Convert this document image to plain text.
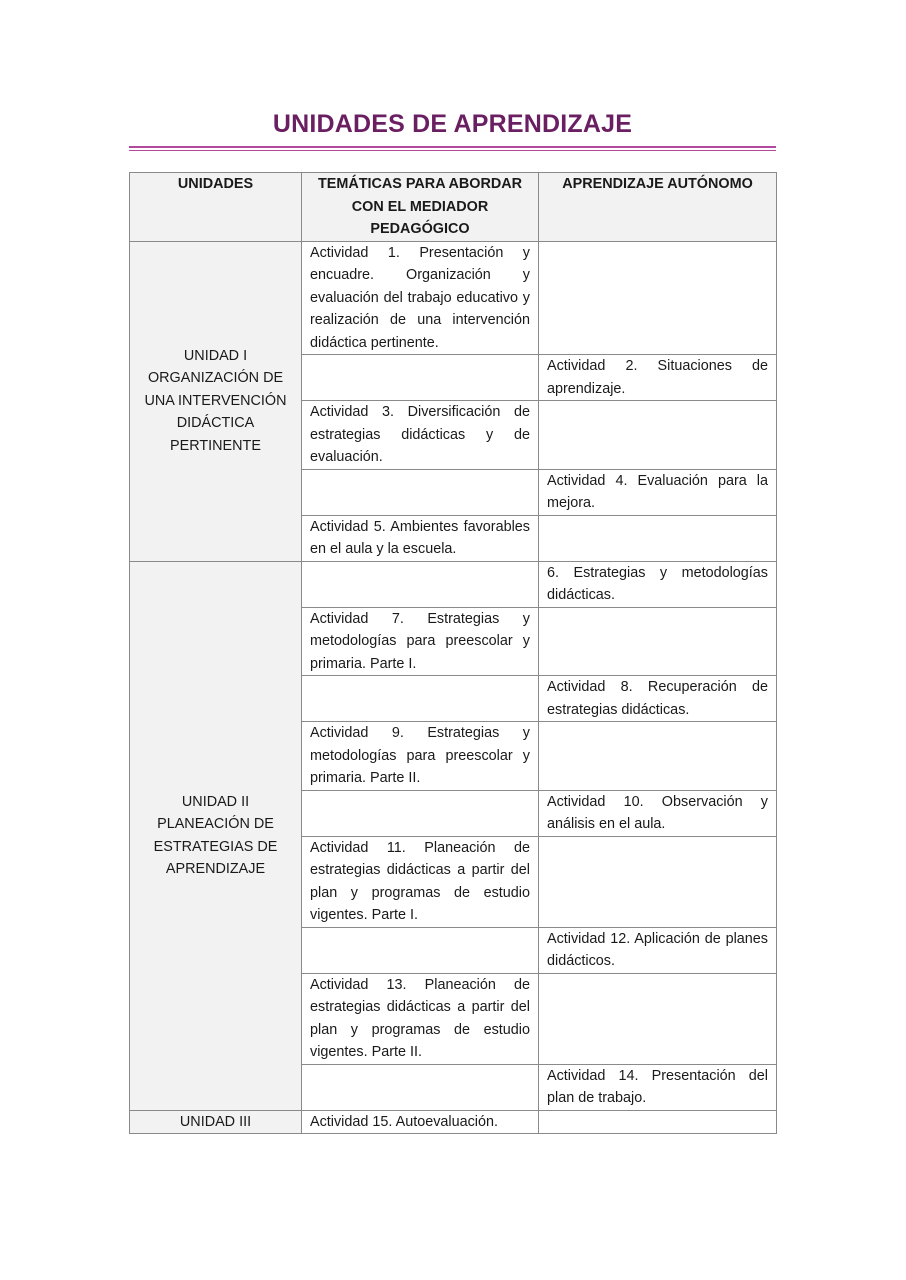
UNIDADES DE APRENDIZAJE
UNIDADES	TEMÁTICAS PARA ABORDAR CON EL MEDIADOR PEDAGÓGICO	APRENDIZAJE AUTÓNOMO

UNIDAD I
ORGANIZACIÓN DE UNA INTERVENCIÓN DIDÁCTICA PERTINENTE	Actividad 1. Presentación y encuadre. Organización y evaluación del trabajo educativo y realización de una intervención didáctica pertinente.	
		Actividad 2. Situaciones de aprendizaje.
	Actividad 3. Diversificación de estrategias didácticas y de evaluación.	
		Actividad 4. Evaluación para la mejora.
	Actividad 5. Ambientes favorables en el aula y la escuela.	

UNIDAD II
PLANEACIÓN DE ESTRATEGIAS DE APRENDIZAJE		6. Estrategias y metodologías didácticas.
	Actividad 7. Estrategias y metodologías para preescolar y primaria. Parte I.	
		Actividad 8. Recuperación de estrategias didácticas.
	Actividad 9. Estrategias y metodologías para preescolar y primaria. Parte II.	
		Actividad 10. Observación y análisis en el aula.
	Actividad 11. Planeación de estrategias didácticas a partir del plan y programas de estudio vigentes. Parte I.	
		Actividad 12. Aplicación de planes didácticos.
	Actividad 13. Planeación de estrategias didácticas a partir del plan y programas de estudio vigentes. Parte II.	
		Actividad 14. Presentación del plan de trabajo.

UNIDAD III	Actividad 15. Autoevaluación.	
